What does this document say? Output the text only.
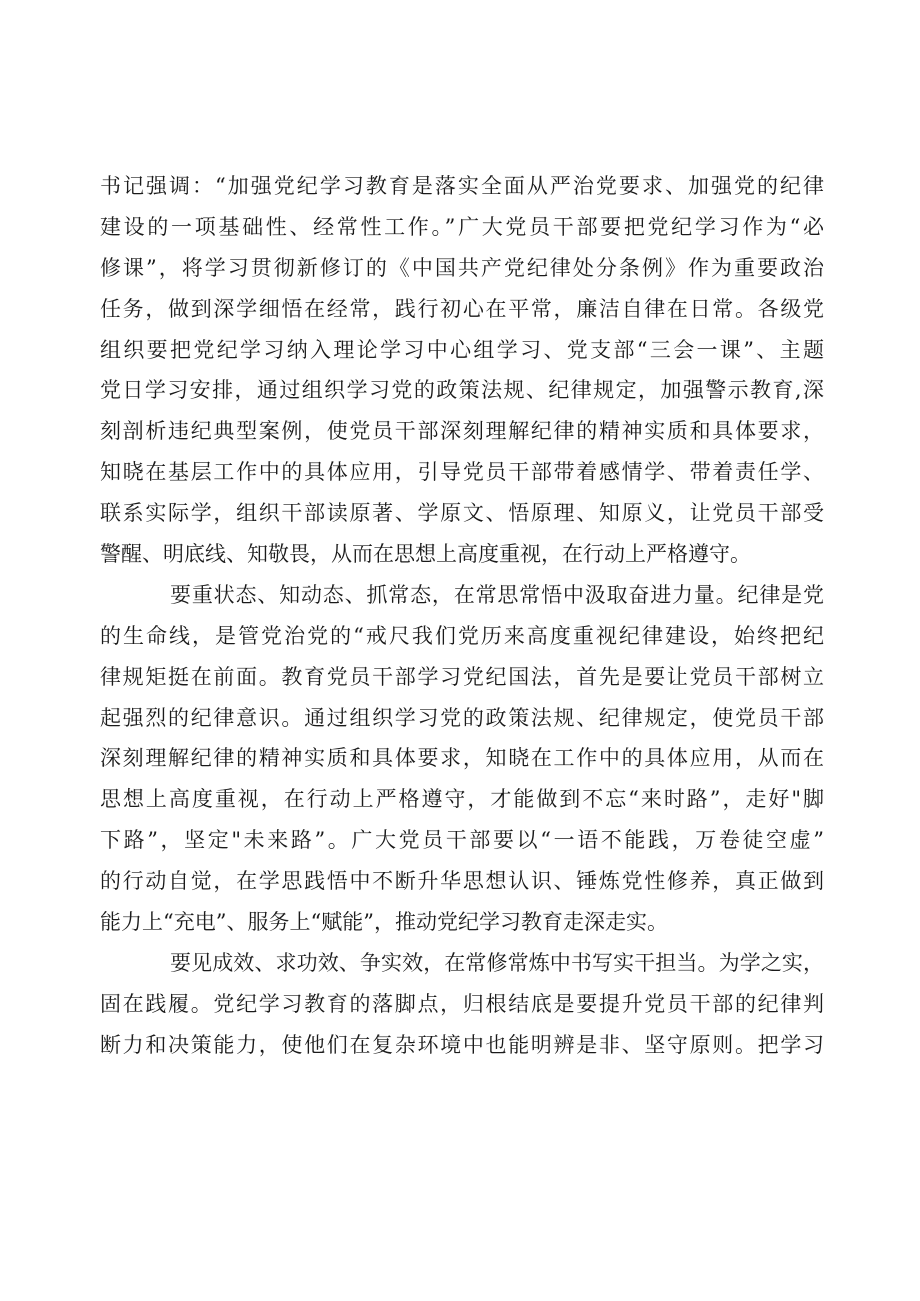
书记强调：“加强党纪学习教育是落实全面从严治党要求、加强党的纪律
建设的一项基础性、经常性工作。”广大党员干部要把党纪学习作为“必
修课”，将学习贯彻新修订的《中国共产党纪律处分条例》作为重要政治
任务，做到深学细悟在经常，践行初心在平常，廉洁自律在日常。各级党
组织要把党纪学习纳入理论学习中心组学习、党支部“三会一课”、主题
党日学习安排，通过组织学习党的政策法规、纪律规定，加强警示教育,深
刻剖析违纪典型案例，使党员干部深刻理解纪律的精神实质和具体要求，
知晓在基层工作中的具体应用，引导党员干部带着感情学、带着责任学、
联系实际学，组织干部读原著、学原文、悟原理、知原义，让党员干部受
警醒、明底线、知敬畏，从而在思想上高度重视，在行动上严格遵守。
要重状态、知动态、抓常态，在常思常悟中汲取奋进力量。纪律是党
的生命线，是管党治党的“戒尺我们党历来高度重视纪律建设，始终把纪
律规矩挺在前面。教育党员干部学习党纪国法，首先是要让党员干部树立
起强烈的纪律意识。通过组织学习党的政策法规、纪律规定，使党员干部
深刻理解纪律的精神实质和具体要求，知晓在工作中的具体应用，从而在
思想上高度重视，在行动上严格遵守，才能做到不忘“来时路”，走好"脚
下路”，坚定"未来路”。广大党员干部要以“一语不能践，万卷徒空虚”
的行动自觉，在学思践悟中不断升华思想认识、锤炼党性修养，真正做到
能力上“充电”、服务上“赋能”，推动党纪学习教育走深走实。
要见成效、求功效、争实效，在常修常炼中书写实干担当。为学之实，
固在践履。党纪学习教育的落脚点，归根结底是要提升党员干部的纪律判
断力和决策能力，使他们在复杂环境中也能明辨是非、坚守原则。把学习
